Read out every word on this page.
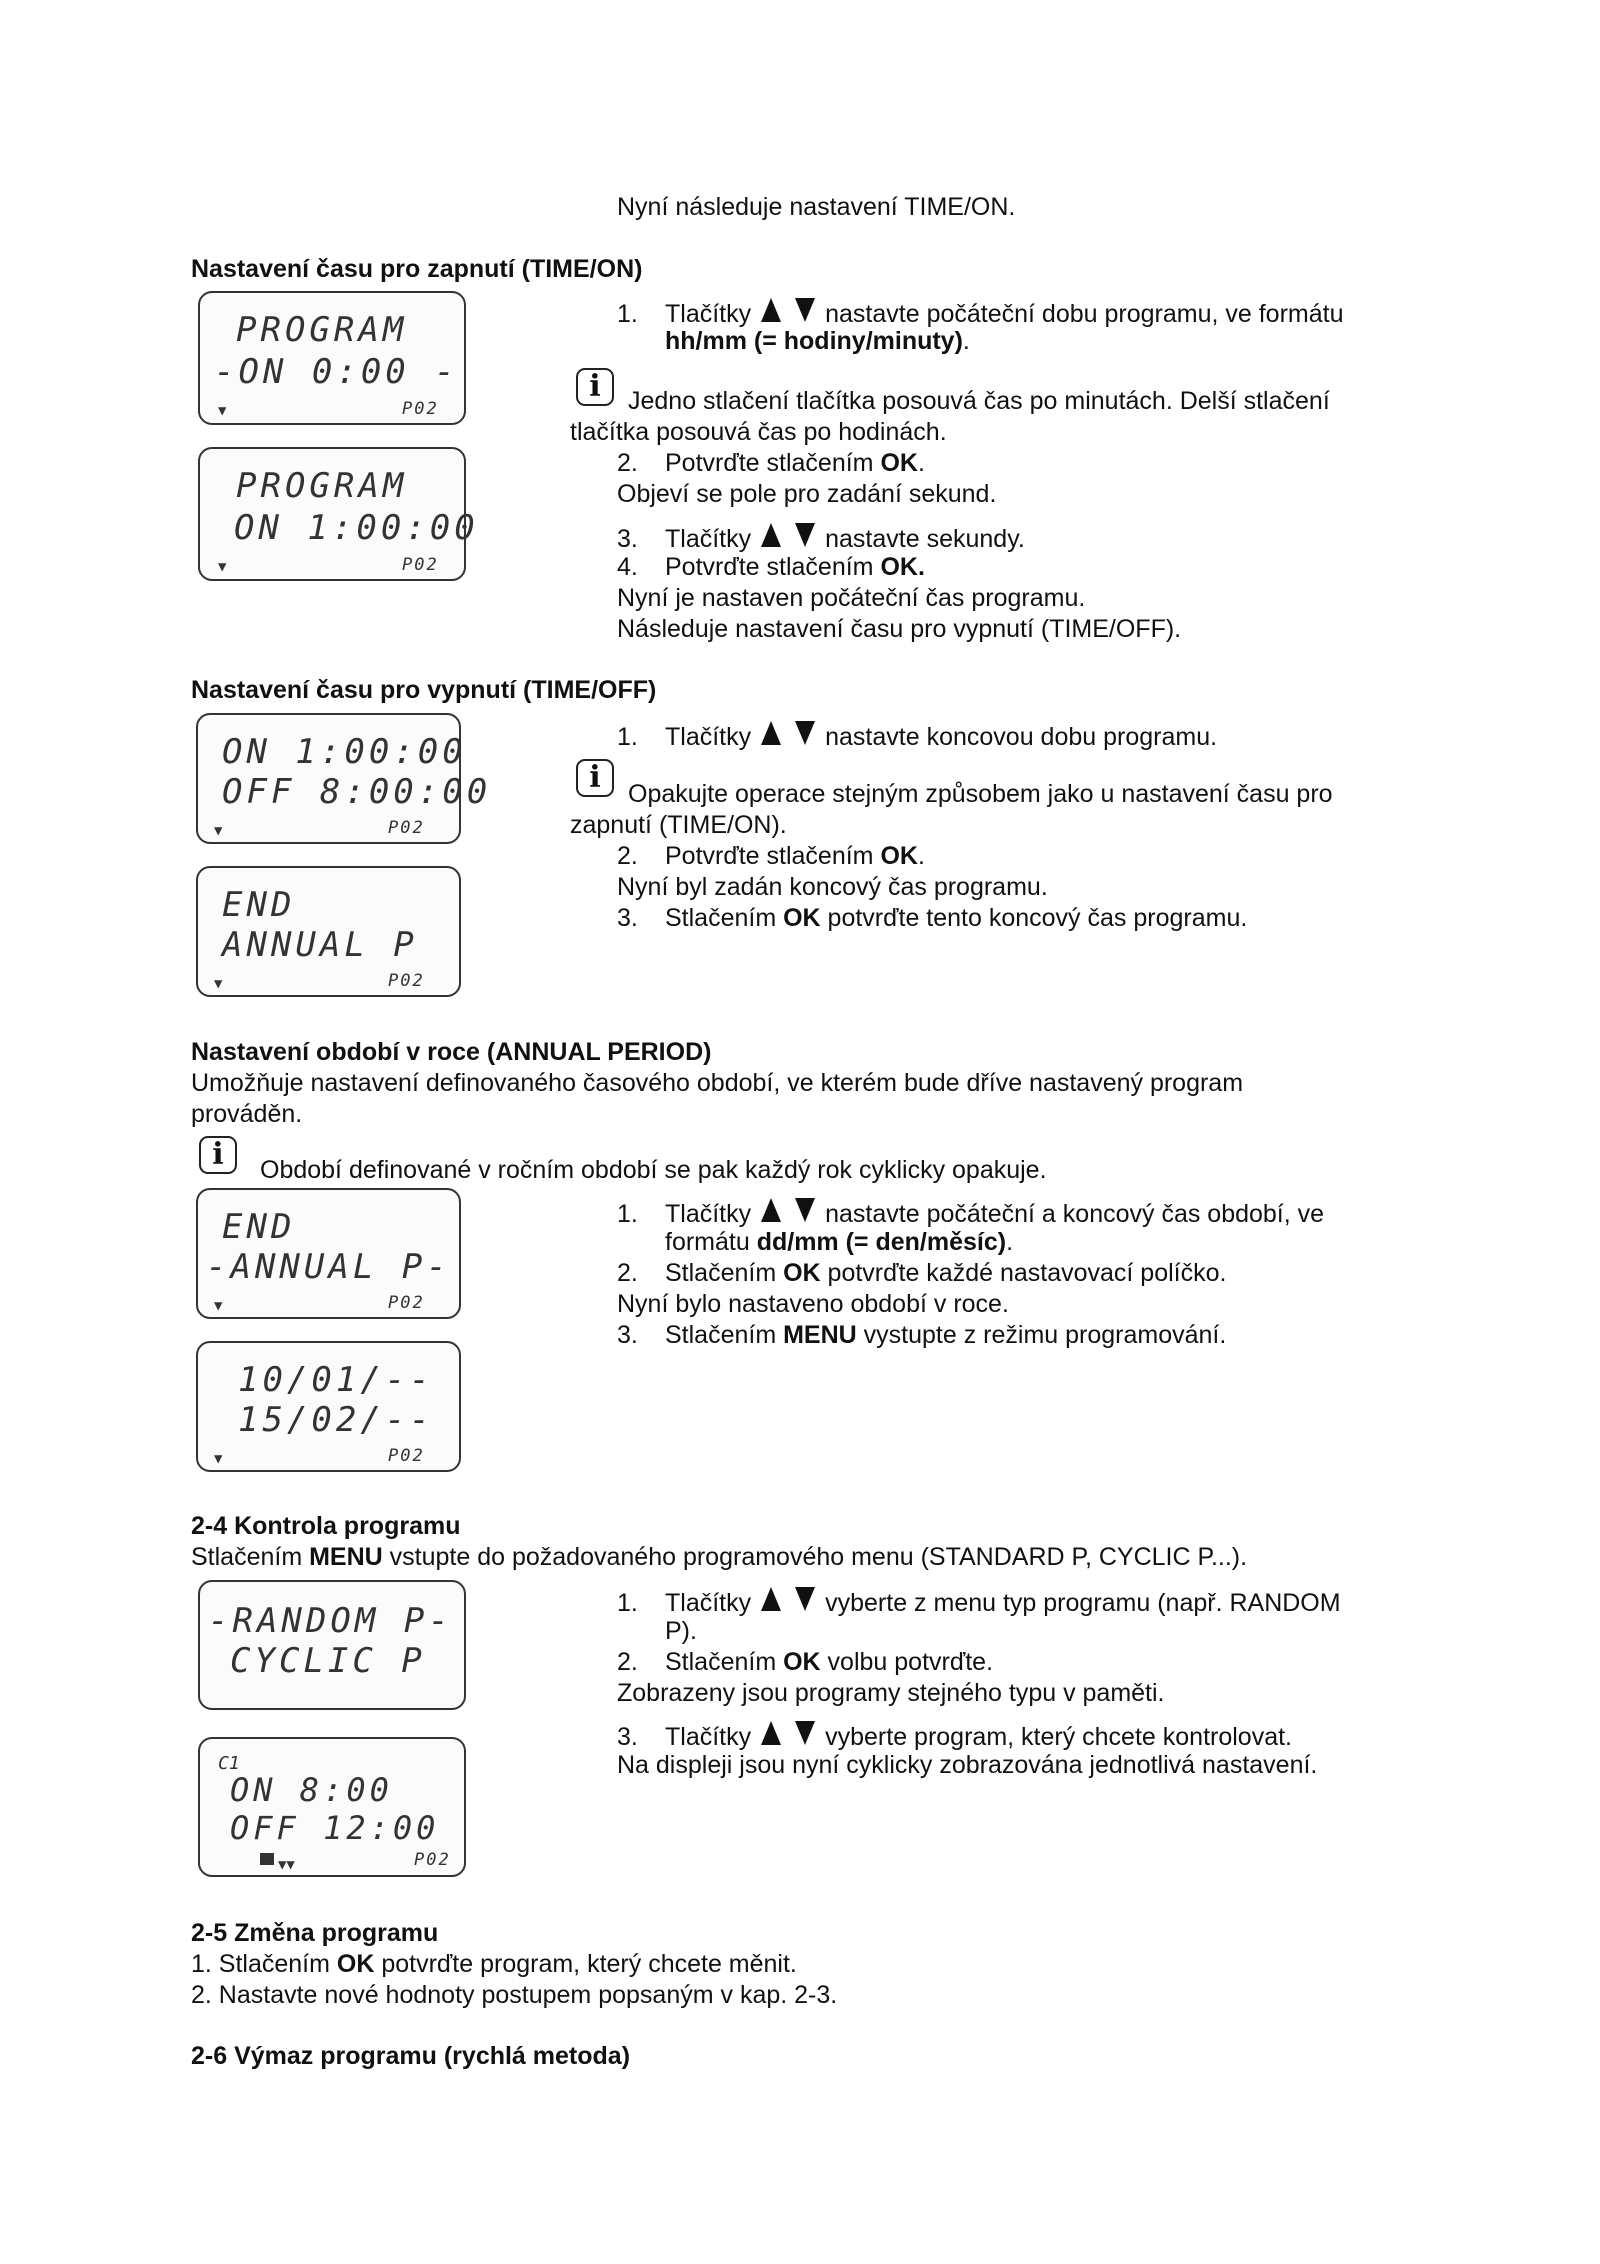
Nyní následuje nastavení TIME/ON.
Nastavení času pro zapnutí (TIME/ON)
PROGRAM
-ON 0:00 -
▼	P02
PROGRAM
ON 1:00:00
▼	P02
1. Tlačítky	nastavte počáteční dobu programu, ve formátu
hh/mm (= hodiny/minuty).
i	Jedno stlačení tlačítka posouvá čas po minutách. Delší stlačení
tlačítka posouvá čas po hodinách.
2. Potvrďte stlačením OK.
Objeví se pole pro zadání sekund.
3. Tlačítky	nastavte sekundy.
4. Potvrďte stlačením OK.
Nyní je nastaven počáteční čas programu.
Následuje nastavení času pro vypnutí (TIME/OFF).
Nastavení času pro vypnutí (TIME/OFF)
ON 1:00:00
OFF 8:00:00
▼	P02
END
ANNUAL P
▼	P02
1. Tlačítky	nastavte koncovou dobu programu.
i	Opakujte operace stejným způsobem jako u nastavení času pro
zapnutí (TIME/ON).
2. Potvrďte stlačením OK.
Nyní byl zadán koncový čas programu.
3. Stlačením OK potvrďte tento koncový čas programu.
Nastavení období v roce (ANNUAL PERIOD)
Umožňuje nastavení definovaného časového období, ve kterém bude dříve nastavený program
prováděn.
i	Období definované v ročním období se pak každý rok cyklicky opakuje.
END
-ANNUAL P-
▼	P02
10/01/--
15/02/--
▼	P02
1. Tlačítky	nastavte počáteční a koncový čas období, ve
formátu dd/mm (= den/měsíc).
2. Stlačením OK potvrďte každé nastavovací políčko.
Nyní bylo nastaveno období v roce.
3. Stlačením MENU vystupte z režimu programování.
2-4 Kontrola programu
Stlačením MENU vstupte do požadovaného programového menu (STANDARD P, CYCLIC P...).
-RANDOM P-
CYCLIC P
C1
ON 8:00
OFF 12:00
▼▼	P02
1. Tlačítky	vyberte z menu typ programu (např. RANDOM
P).
2. Stlačením OK volbu potvrďte.
Zobrazeny jsou programy stejného typu v paměti.
3. Tlačítky	vyberte program, který chcete kontrolovat.
Na displeji jsou nyní cyklicky zobrazována jednotlivá nastavení.
2-5 Změna programu
1. Stlačením OK potvrďte program, který chcete měnit.
2. Nastavte nové hodnoty postupem popsaným v kap. 2-3.
2-6 Výmaz programu (rychlá metoda)
